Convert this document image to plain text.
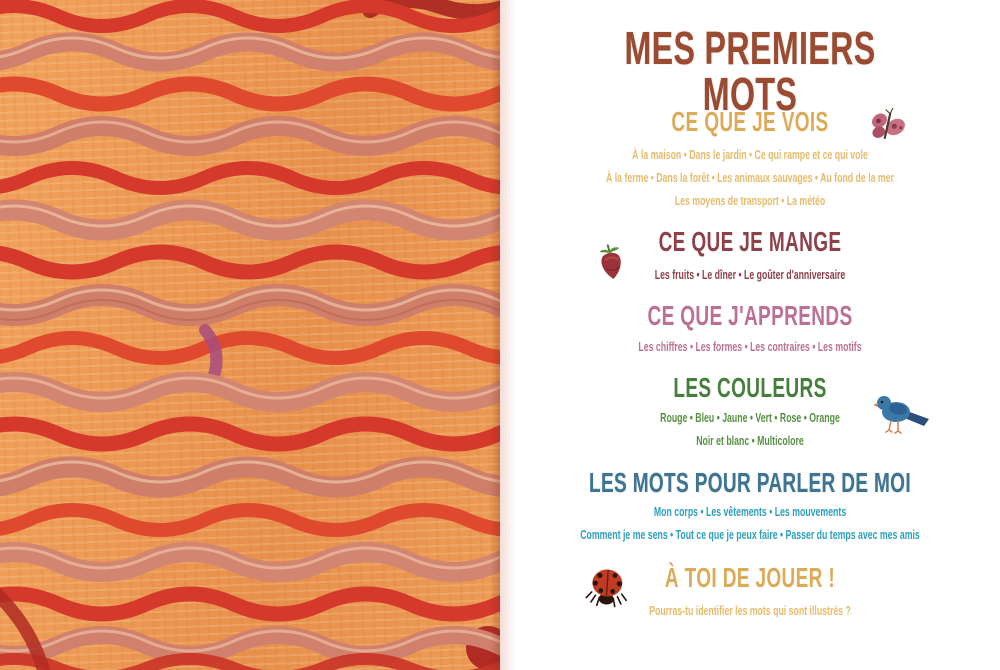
MES PREMIERS MOTS
CE QUE JE VOIS
À la maison • Dans le jardin • Ce qui rampe et ce qui vole
À la ferme • Dans la forêt • Les animaux sauvages • Au fond de la mer
Les moyens de transport • La météo
CE QUE JE MANGE
Les fruits • Le dîner • Le goûter d'anniversaire
CE QUE J'APPRENDS
Les chiffres • Les formes • Les contraires • Les motifs
LES COULEURS
Rouge • Bleu • Jaune • Vert • Rose • Orange
Noir et blanc • Multicolore
LES MOTS POUR PARLER DE MOI
Mon corps • Les vêtements • Les mouvements
Comment je me sens • Tout ce que je peux faire • Passer du temps avec mes amis
À TOI DE JOUER !
Pourras-tu identifier les mots qui sont illustrés ?
